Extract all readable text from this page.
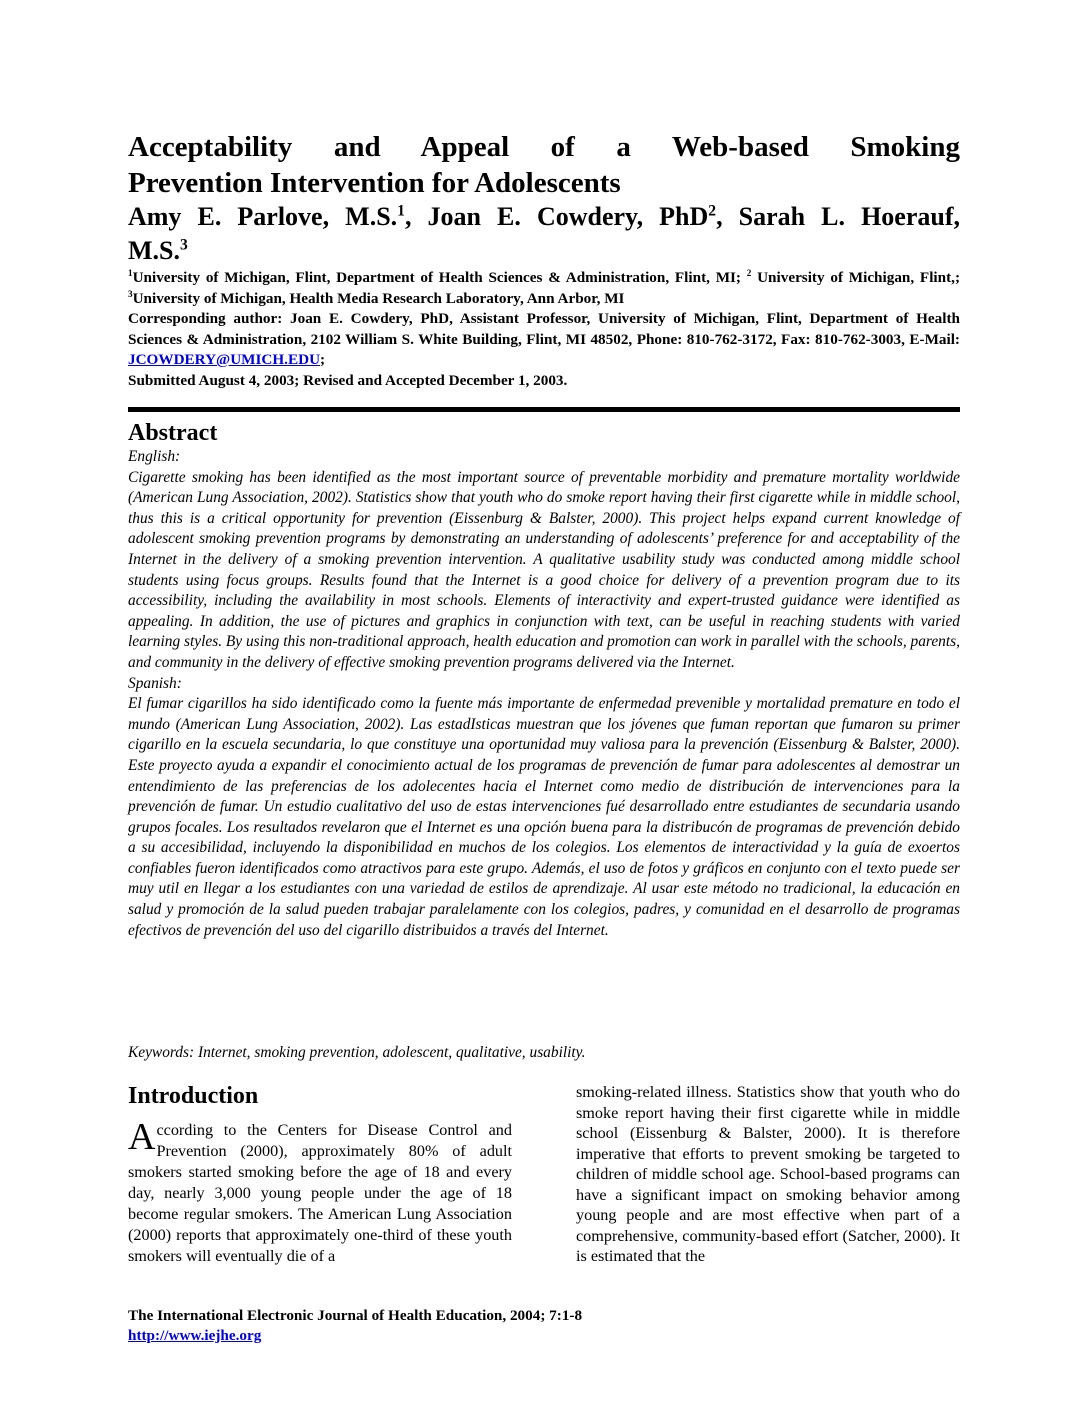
Acceptability and Appeal of a Web-based Smoking
Prevention Intervention for Adolescents
Amy E. Parlove, M.S.$^1$, Joan E. Cowdery, PhD$^2$, Sarah L. Hoerauf,
M.S.$^3$
$^1$University of Michigan, Flint, Department of Health Sciences & Administration, Flint, MI; $^2$ University of Michigan, Flint,; $^3$University of Michigan, Health Media Research Laboratory, Ann Arbor, MI
Corresponding author: Joan E. Cowdery, PhD, Assistant Professor, University of Michigan, Flint, Department of Health Sciences & Administration, 2102 William S. White Building, Flint, MI 48502, Phone: 810-762-3172, Fax: 810-762-3003, E-Mail: JCOWDERY@UMICH.EDU;
Submitted August 4, 2003; Revised and Accepted December 1, 2003.
Abstract

English:

Cigarette smoking has been identified as the most important source of preventable morbidity and premature mortality worldwide (American Lung Association, 2002). Statistics show that youth who do smoke report having their first cigarette while in middle school, thus this is a critical opportunity for prevention (Eissenburg & Balster, 2000). This project helps expand current knowledge of adolescent smoking prevention programs by demonstrating an understanding of adolescents’ preference for and acceptability of the Internet in the delivery of a smoking prevention intervention. A qualitative usability study was conducted among middle school students using focus groups. Results found that the Internet is a good choice for delivery of a prevention program due to its accessibility, including the availability in most schools. Elements of interactivity and expert-trusted guidance were identified as appealing. In addition, the use of pictures and graphics in conjunction with text, can be useful in reaching students with varied learning styles. By using this non-traditional approach, health education and promotion can work in parallel with the schools, parents, and community in the delivery of effective smoking prevention programs delivered via the Internet.

Spanish:

El fumar cigarillos ha sido identificado como la fuente más importante de enfermedad prevenible y mortalidad premature en todo el mundo (American Lung Association, 2002). Las estadIsticas muestran que los jóvenes que fuman reportan que fumaron su primer cigarillo en la escuela secundaria, lo que constituye una oportunidad muy valiosa para la prevención (Eissenburg & Balster, 2000). Este proyecto ayuda a expandir el conocimiento actual de los programas de prevención de fumar para adolescentes al demostrar un entendimiento de las preferencias de los adolecentes hacia el Internet como medio de distribución de intervenciones para la prevención de fumar. Un estudio cualitativo del uso de estas intervenciones fué desarrollado entre estudiantes de secundaria usando grupos focales. Los resultados revelaron que el Internet es una opción buena para la distribucón de programas de prevención debido a su accesibilidad, incluyendo la disponibilidad en muchos de los colegios. Los elementos de interactividad y la guía de exoertos confiables fueron identificados como atractivos para este grupo. Además, el uso de fotos y gráficos en conjunto con el texto puede ser muy util en llegar a los estudiantes con una variedad de estilos de aprendizaje. Al usar este método no tradicional, la educación en salud y promoción de la salud pueden trabajar paralelamente con los colegios, padres, y comunidad en el desarrollo de programas efectivos de prevención del uso del cigarillo distribuidos a través del Internet.

Keywords: Internet, smoking prevention, adolescent, qualitative, usability.
Introduction

According to the Centers for Disease Control and Prevention (2000), approximately 80% of adult smokers started smoking before the age of 18 and every day, nearly 3,000 young people under the age of 18 become regular smokers. The American Lung Association (2000) reports that approximately one-third of these youth smokers will eventually die of a

smoking-related illness. Statistics show that youth who do smoke report having their first cigarette while in middle school (Eissenburg & Balster, 2000). It is therefore imperative that efforts to prevent smoking be targeted to children of middle school age. School-based programs can have a significant impact on smoking behavior among young people and are most effective when part of a comprehensive, community-based effort (Satcher, 2000). It is estimated that the

The International Electronic Journal of Health Education, 2004; 7:1-8
http://www.iejhe.org
